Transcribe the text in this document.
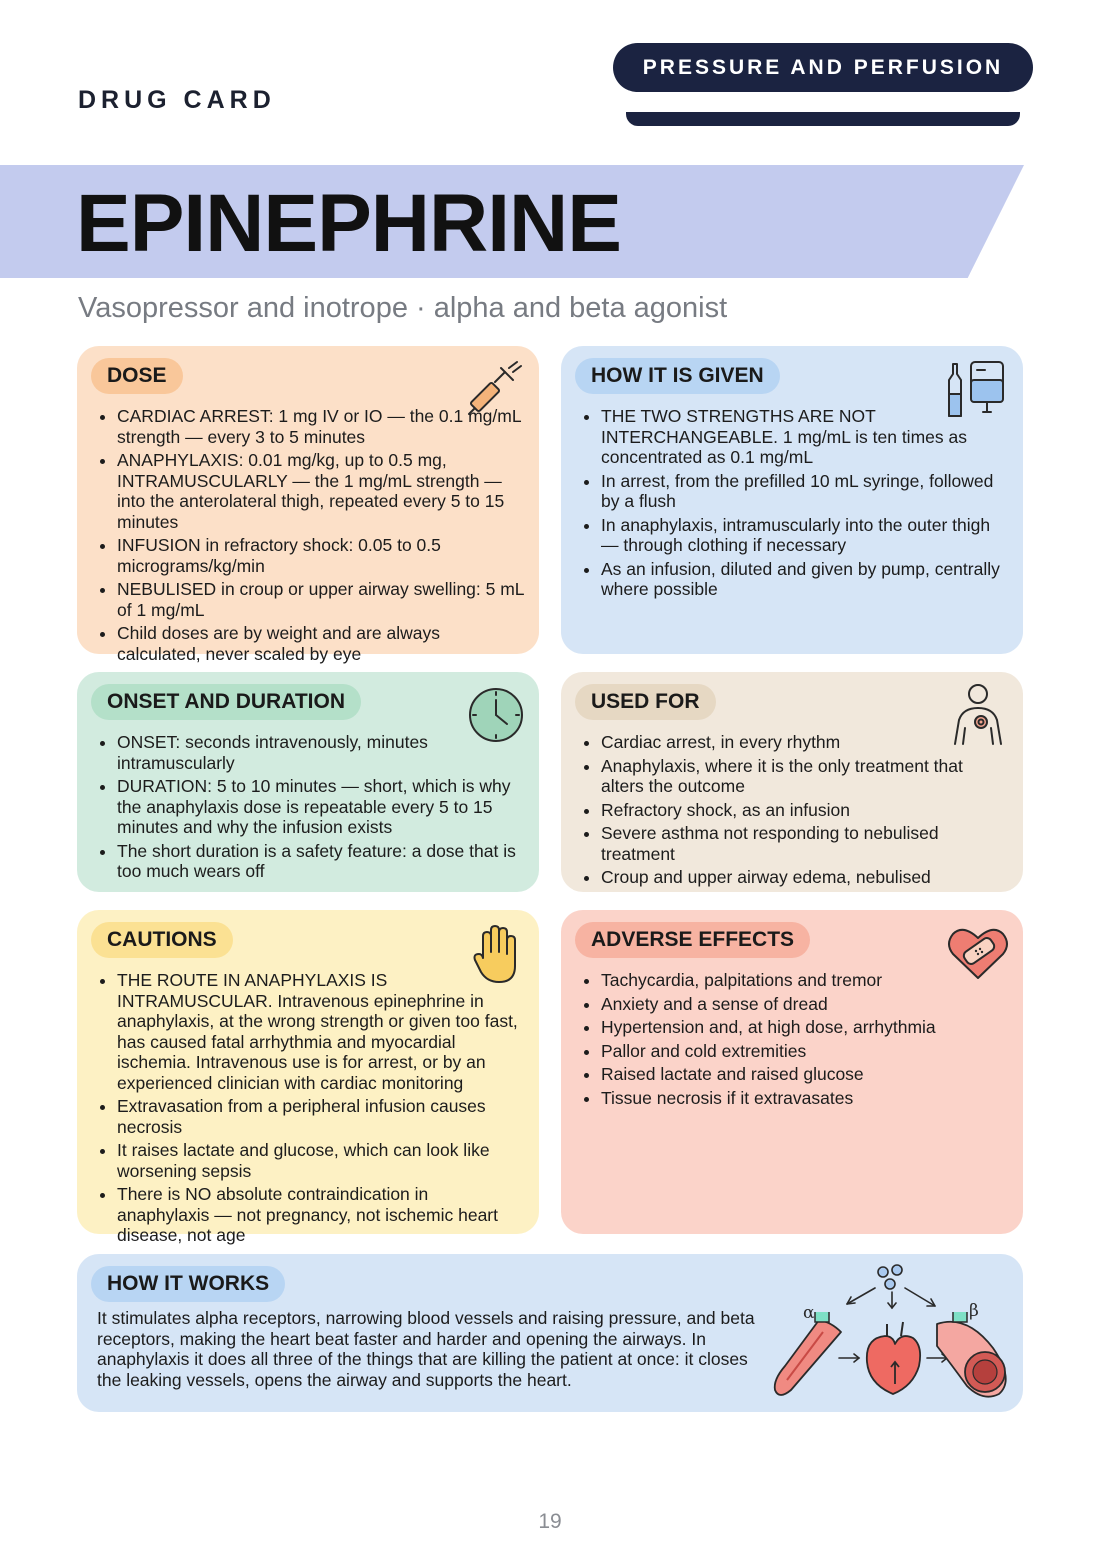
DRUG CARD
PRESSURE AND PERFUSION
EPINEPHRINE
Vasopressor and inotrope · alpha and beta agonist
DOSE
• CARDIAC ARREST: 1 mg IV or IO — the 0.1 mg/mL strength — every 3 to 5 minutes
• ANAPHYLAXIS: 0.01 mg/kg, up to 0.5 mg, INTRAMUSCULARLY — the 1 mg/mL strength — into the anterolateral thigh, repeated every 5 to 15 minutes
• INFUSION in refractory shock: 0.05 to 0.5 micrograms/kg/min
• NEBULISED in croup or upper airway swelling: 5 mL of 1 mg/mL
• Child doses are by weight and are always calculated, never scaled by eye
HOW IT IS GIVEN
• THE TWO STRENGTHS ARE NOT INTERCHANGEABLE. 1 mg/mL is ten times as concentrated as 0.1 mg/mL
• In arrest, from the prefilled 10 mL syringe, followed by a flush
• In anaphylaxis, intramuscularly into the outer thigh — through clothing if necessary
• As an infusion, diluted and given by pump, centrally where possible
ONSET AND DURATION
• ONSET: seconds intravenously, minutes intramuscularly
• DURATION: 5 to 10 minutes — short, which is why the anaphylaxis dose is repeatable every 5 to 15 minutes and why the infusion exists
• The short duration is a safety feature: a dose that is too much wears off
USED FOR
• Cardiac arrest, in every rhythm
• Anaphylaxis, where it is the only treatment that alters the outcome
• Refractory shock, as an infusion
• Severe asthma not responding to nebulised treatment
• Croup and upper airway edema, nebulised
CAUTIONS
• THE ROUTE IN ANAPHYLAXIS IS INTRAMUSCULAR. Intravenous epinephrine in anaphylaxis, at the wrong strength or given too fast, has caused fatal arrhythmia and myocardial ischemia. Intravenous use is for arrest, or by an experienced clinician with cardiac monitoring
• Extravasation from a peripheral infusion causes necrosis
• It raises lactate and glucose, which can look like worsening sepsis
• There is NO absolute contraindication in anaphylaxis — not pregnancy, not ischemic heart disease, not age
ADVERSE EFFECTS
• Tachycardia, palpitations and tremor
• Anxiety and a sense of dread
• Hypertension and, at high dose, arrhythmia
• Pallor and cold extremities
• Raised lactate and raised glucose
• Tissue necrosis if it extravasates
HOW IT WORKS

It stimulates alpha receptors, narrowing blood vessels and raising pressure, and beta receptors, making the heart beat faster and harder and opening the airways. In anaphylaxis it does all three of the things that are killing the patient at once: it closes the leaking vessels, opens the airway and supports the heart.

α	β
19
